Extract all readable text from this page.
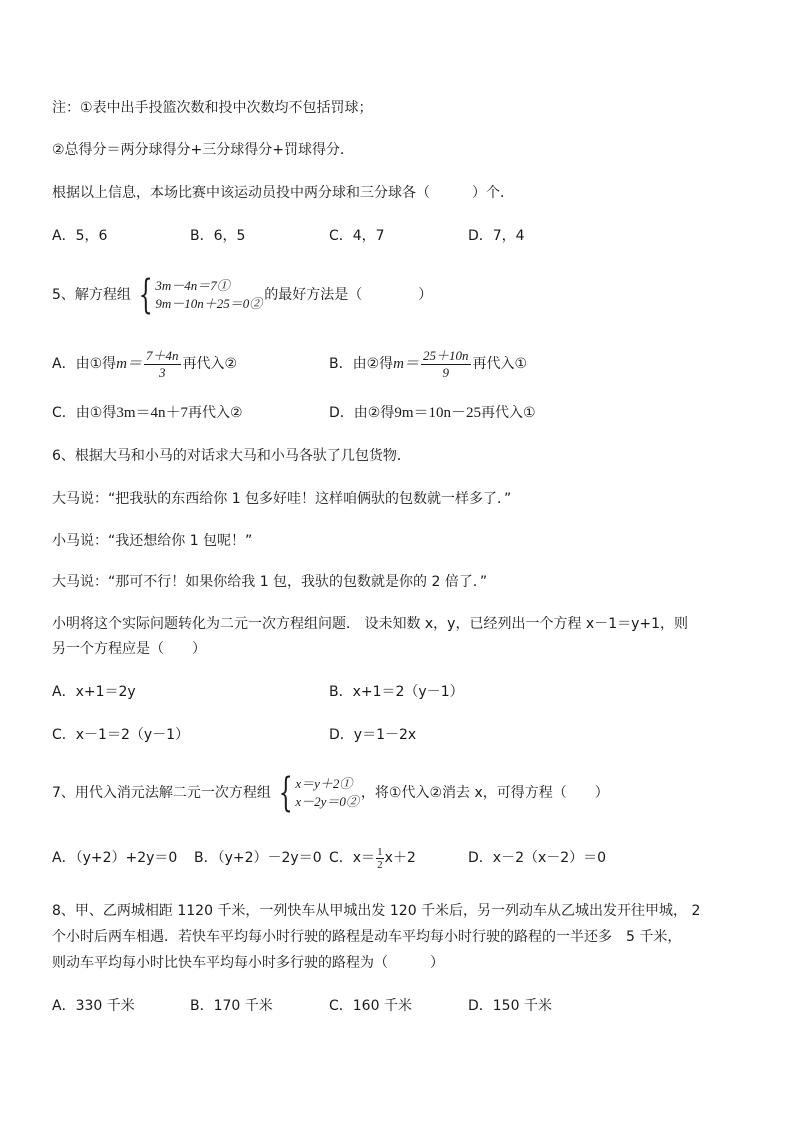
注：①表中出手投篮次数和投中次数均不包括罚球；
②总得分＝两分球得分+三分球得分+罚球得分．
根据以上信息，本场比赛中该运动员投中两分球和三分球各（　　　）个．
A．5，6	B．6，5	C．4，7	D．7，4
5、解方程组 { 3m－4n＝7①
9m－10n＋25＝0②
的最好方法是（　　　　）
A．由①得 $m= \frac{7+4n}{3}$ 再代入②	B．由②得 $m= \frac{25+10n}{9}$ 再代入①
C．由①得3m＝4n＋7再代入②	D．由②得9m＝10n－25再代入①
6、根据大马和小马的对话求大马和小马各驮了几包货物．
大马说：“把我驮的东西给你 1 包多好哇！这样咱俩驮的包数就一样多了．”
小马说：“我还想给你 1 包呢！”
大马说：“那可不行！如果你给我 1 包，我驮的包数就是你的 2 倍了．”
小明将这个实际问题转化为二元一次方程组问题． 设未知数 x，y，已经列出一个方程 x－1＝y+1，则
另一个方程应是（　　）
A．x+1＝2y	B．x+1＝2（y－1）
C．x－1＝2（y－1）	D．y＝1－2x
7、用代入消元法解二元一次方程组 { x＝y＋2①
x－2y＝0②
，将①代入②消去 x，可得方程（　　）
A．（y+2）+2y＝0 B．（y+2）－2y＝0 C．$x= \frac{1}{2} x+2$	D．x－2（x－2）＝0
8、甲、乙两城相距 1120 千米，一列快车从甲城出发 120 千米后，另一列动车从乙城出发开往甲城， 2
个小时后两车相遇．若快车平均每小时行驶的路程是动车平均每小时行驶的路程的一半还多　5 千米，
则动车平均每小时比快车平均每小时多行驶的路程为（　　　）
A．330 千米	B．170 千米	C．160 千米	D．150 千米
